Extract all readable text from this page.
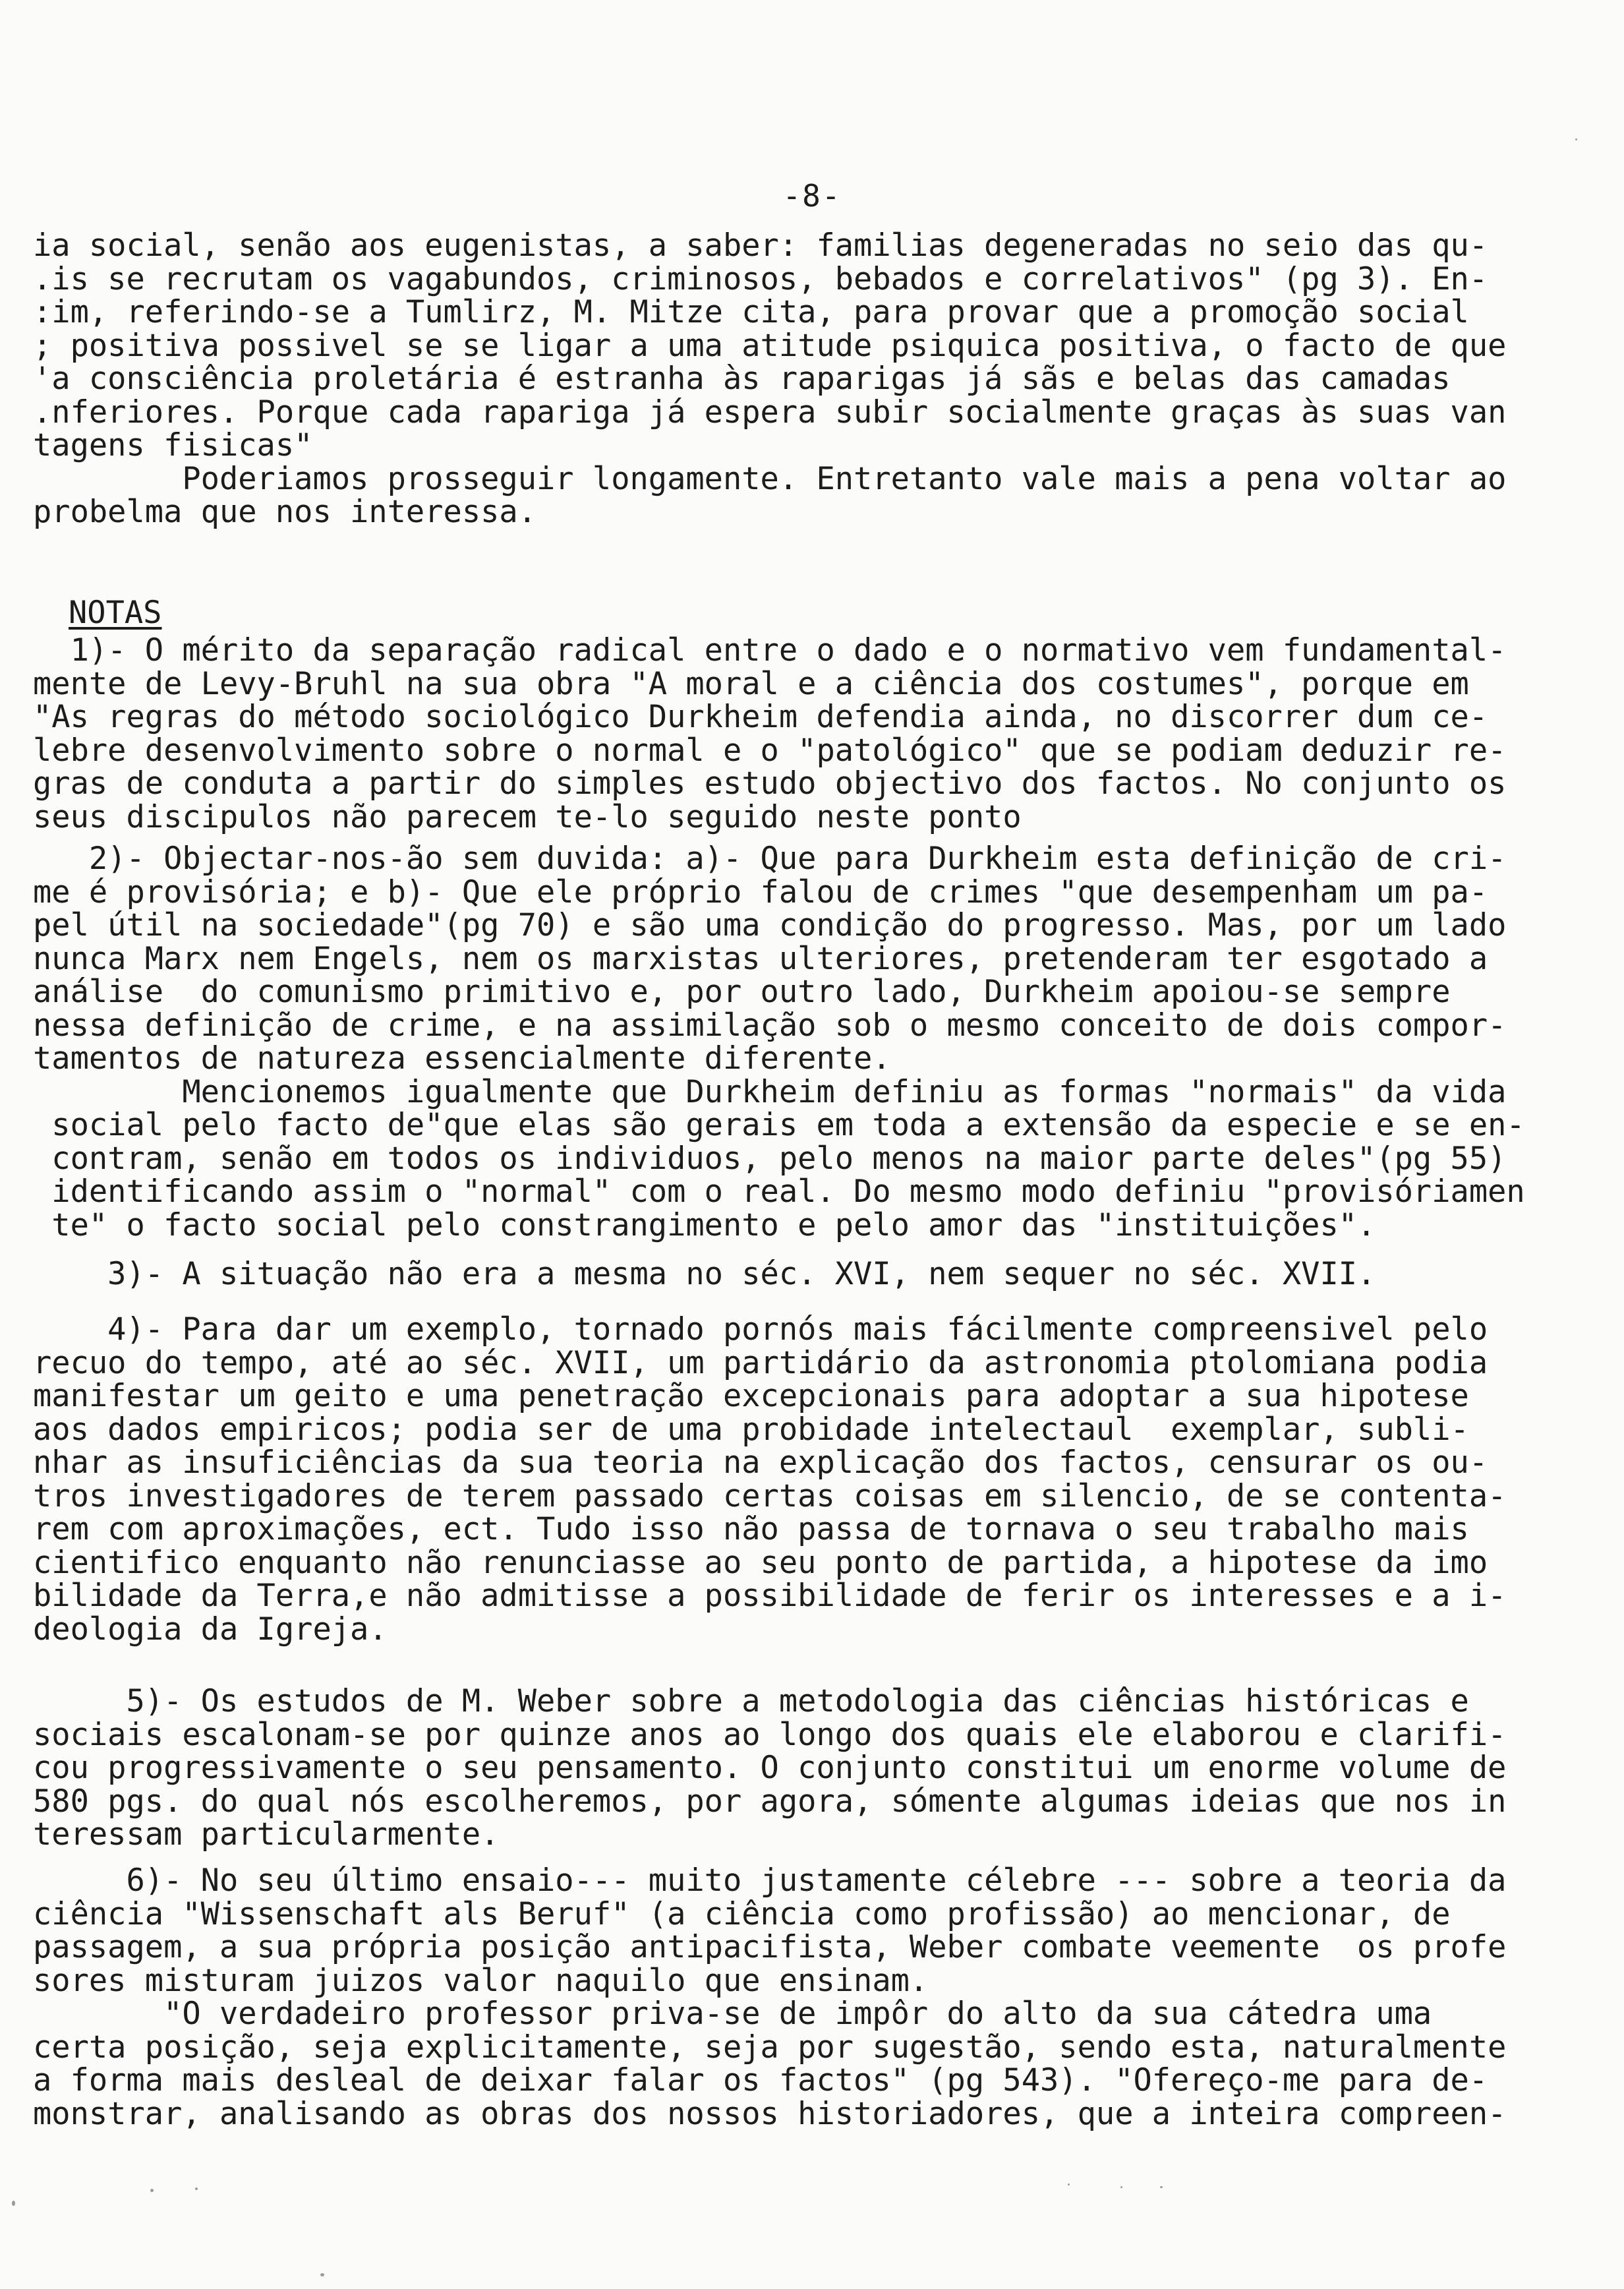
-8-
ia social, senão aos eugenistas, a saber: familias degeneradas no seio das qu-
.is se recrutam os vagabundos, criminosos, bebados e correlativos" (pg 3). En-
:im, referindo-se a Tumlirz, M. Mitze cita, para provar que a promoção social
; positiva possivel se se ligar a uma atitude psiquica positiva, o facto de que
'a consciência proletária é estranha às raparigas já sãs e belas das camadas
.nferiores. Porque cada rapariga já espera subir socialmente graças às suas van
tagens fisicas"
Poderiamos prosseguir longamente. Entretanto vale mais a pena voltar ao
probelma que nos interessa.
NOTAS
1)- O mérito da separação radical entre o dado e o normativo vem fundamental-
mente de Levy-Bruhl na sua obra "A moral e a ciência dos costumes", porque em
"As regras do método sociológico Durkheim defendia ainda, no discorrer dum ce-
lebre desenvolvimento sobre o normal e o "patológico" que se podiam deduzir re-
gras de conduta a partir do simples estudo objectivo dos factos. No conjunto os
seus discipulos não parecem te-lo seguido neste ponto
2)- Objectar-nos-ão sem duvida: a)- Que para Durkheim esta definição de cri-
me é provisória; e b)- Que ele próprio falou de crimes "que desempenham um pa-
pel útil na sociedade"(pg 70) e são uma condição do progresso. Mas, por um lado
nunca Marx nem Engels, nem os marxistas ulteriores, pretenderam ter esgotado a
análise  do comunismo primitivo e, por outro lado, Durkheim apoiou-se sempre
nessa definição de crime, e na assimilação sob o mesmo conceito de dois compor-
tamentos de natureza essencialmente diferente.
Mencionemos igualmente que Durkheim definiu as formas "normais" da vida
social pelo facto de"que elas são gerais em toda a extensão da especie e se en-
contram, senão em todos os individuos, pelo menos na maior parte deles"(pg 55)
identificando assim o "normal" com o real. Do mesmo modo definiu "provisóriamen
te" o facto social pelo constrangimento e pelo amor das "instituições".
3)- A situação não era a mesma no séc. XVI, nem sequer no séc. XVII.
4)- Para dar um exemplo, tornado pornós mais fácilmente compreensivel pelo
recuo do tempo, até ao séc. XVII, um partidário da astronomia ptolomiana podia
manifestar um geito e uma penetração excepcionais para adoptar a sua hipotese
aos dados empiricos; podia ser de uma probidade intelectaul  exemplar, subli-
nhar as insuficiências da sua teoria na explicação dos factos, censurar os ou-
tros investigadores de terem passado certas coisas em silencio, de se contenta-
rem com aproximações, ect. Tudo isso não passa de tornava o seu trabalho mais
cientifico enquanto não renunciasse ao seu ponto de partida, a hipotese da imo
bilidade da Terra,e não admitisse a possibilidade de ferir os interesses e a i-
deologia da Igreja.
5)- Os estudos de M. Weber sobre a metodologia das ciências históricas e
sociais escalonam-se por quinze anos ao longo dos quais ele elaborou e clarifi-
cou progressivamente o seu pensamento. O conjunto constitui um enorme volume de
580 pgs. do qual nós escolheremos, por agora, sómente algumas ideias que nos in
teressam particularmente.
6)- No seu último ensaio--- muito justamente célebre --- sobre a teoria da
ciência "Wissenschaft als Beruf" (a ciência como profissão) ao mencionar, de
passagem, a sua própria posição antipacifista, Weber combate veemente  os profe
sores misturam juizos valor naquilo que ensinam.
"O verdadeiro professor priva-se de impôr do alto da sua cátedra uma
certa posição, seja explicitamente, seja por sugestão, sendo esta, naturalmente
a forma mais desleal de deixar falar os factos" (pg 543). "Ofereço-me para de-
monstrar, analisando as obras dos nossos historiadores, que a inteira compreen-
